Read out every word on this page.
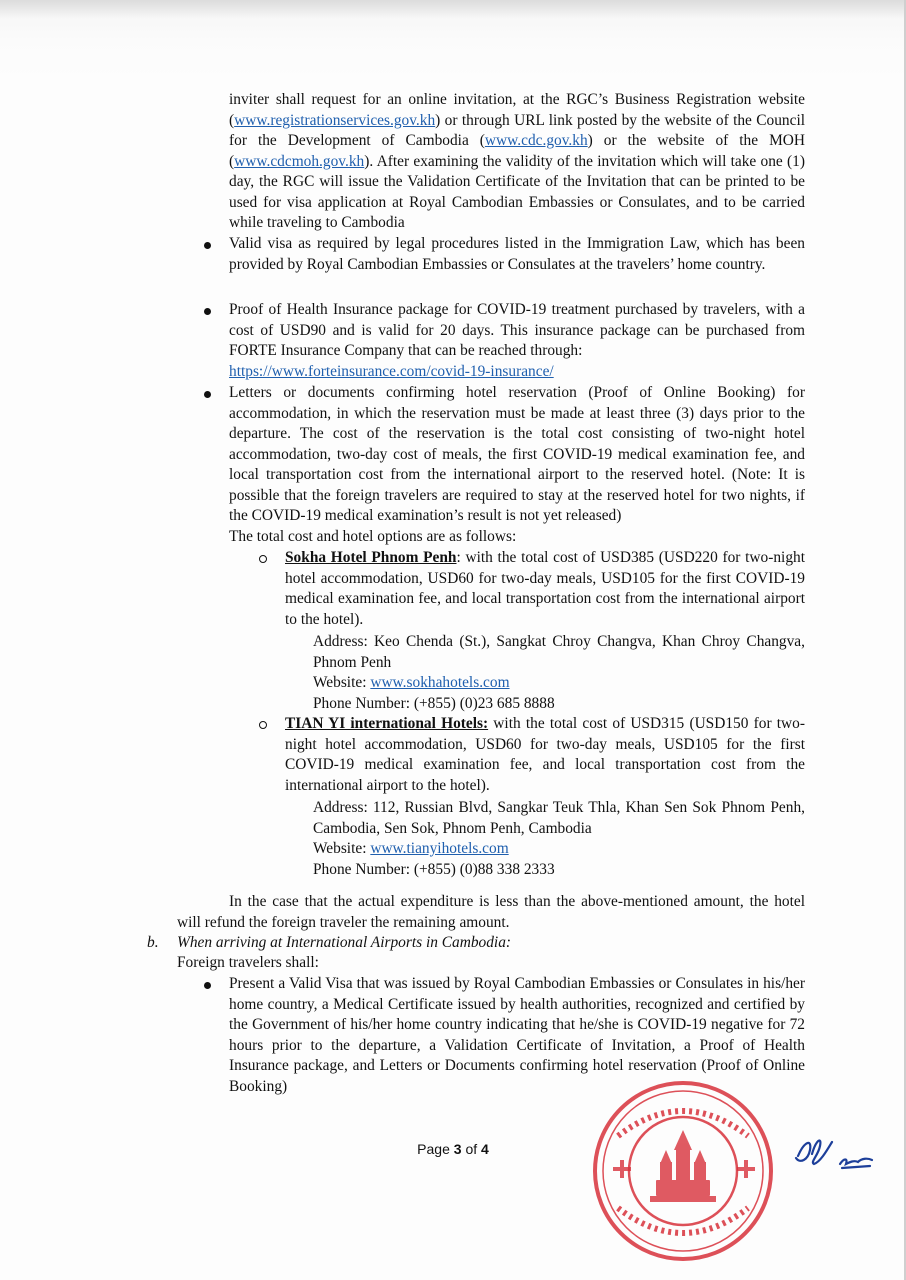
inviter shall request for an online invitation, at the RGC’s Business Registration website (www.registrationservices.gov.kh) or through URL link posted by the website of the Council for the Development of Cambodia (www.cdc.gov.kh) or the website of the MOH (www.cdcmoh.gov.kh). After examining the validity of the invitation which will take one (1) day, the RGC will issue the Validation Certificate of the Invitation that can be printed to be used for visa application at Royal Cambodian Embassies or Consulates, and to be carried while traveling to Cambodia

Valid visa as required by legal procedures listed in the Immigration Law, which has been provided by Royal Cambodian Embassies or Consulates at the travelers’ home country.

Proof of Health Insurance package for COVID-19 treatment purchased by travelers, with a cost of USD90 and is valid for 20 days. This insurance package can be purchased from FORTE Insurance Company that can be reached through:

https://www.forteinsurance.com/covid-19-insurance/

Letters or documents confirming hotel reservation (Proof of Online Booking) for accommodation, in which the reservation must be made at least three (3) days prior to the departure. The cost of the reservation is the total cost consisting of two-night hotel accommodation, two-day cost of meals, the first COVID-19 medical examination fee, and local transportation cost from the international airport to the reserved hotel. (Note: It is possible that the foreign travelers are required to stay at the reserved hotel for two nights, if the COVID-19 medical examination’s result is not yet released)

The total cost and hotel options are as follows:

Sokha Hotel Phnom Penh: with the total cost of USD385 (USD220 for two-night hotel accommodation, USD60 for two-day meals, USD105 for the first COVID-19 medical examination fee, and local transportation cost from the international airport to the hotel).

Address: Keo Chenda (St.), Sangkat Chroy Changva, Khan Chroy Changva, Phnom Penh

Website: www.sokhahotels.com

Phone Number: (+855) (0)23 685 8888

TIAN YI international Hotels: with the total cost of USD315 (USD150 for two-night hotel accommodation, USD60 for two-day meals, USD105 for the first COVID-19 medical examination fee, and local transportation cost from the international airport to the hotel).

Address: 112, Russian Blvd, Sangkar Teuk Thla, Khan Sen Sok Phnom Penh, Cambodia, Sen Sok, Phnom Penh, Cambodia

Website: www.tianyihotels.com

Phone Number: (+855) (0)88 338 2333

In the case that the actual expenditure is less than the above-mentioned amount, the hotel will refund the foreign traveler the remaining amount.

b. When arriving at International Airports in Cambodia:

Foreign travelers shall:

Present a Valid Visa that was issued by Royal Cambodian Embassies or Consulates in his/her home country, a Medical Certificate issued by health authorities, recognized and certified by the Government of his/her home country indicating that he/she is COVID-19 negative for 72 hours prior to the departure, a Validation Certificate of Invitation, a Proof of Health Insurance package, and Letters or Documents confirming hotel reservation (Proof of Online Booking)

Page 3 of 4
